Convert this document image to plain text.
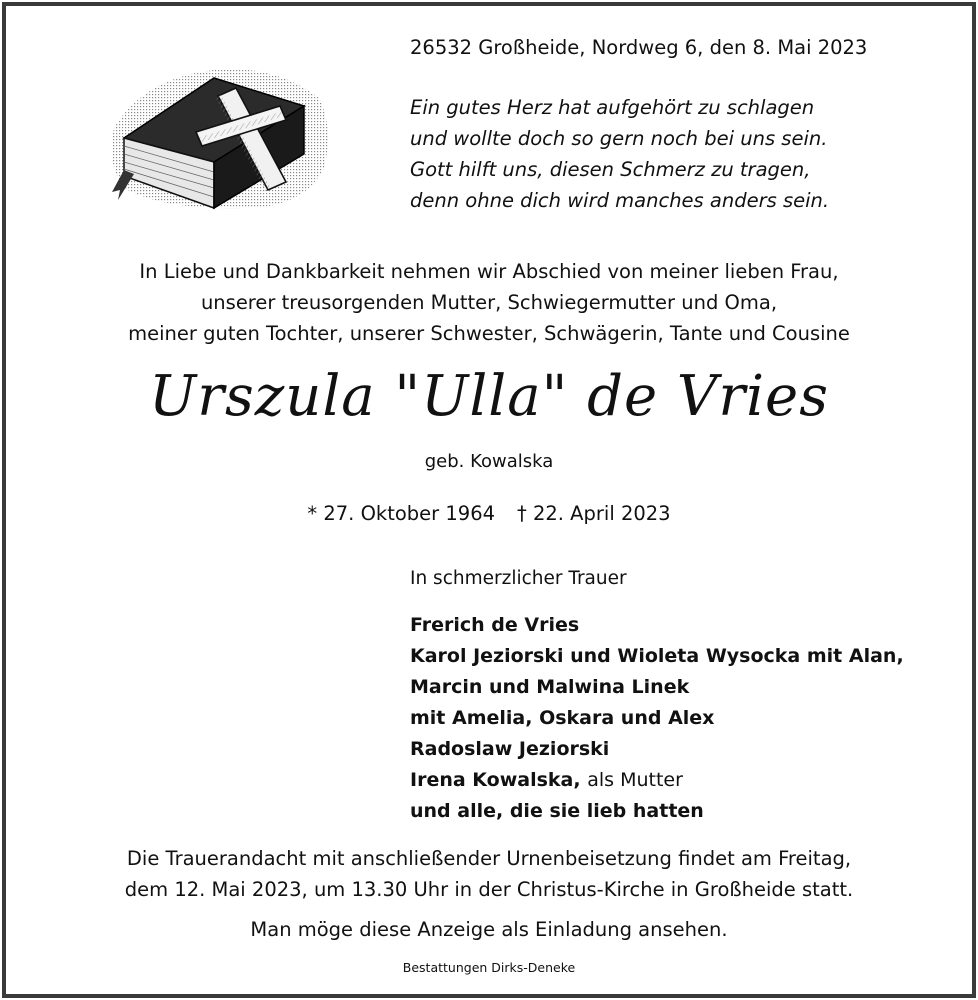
26532 Großheide, Nordweg 6, den 8. Mai 2023
Ein gutes Herz hat aufgehört zu schlagen
und wollte doch so gern noch bei uns sein.
Gott hilft uns, diesen Schmerz zu tragen,
denn ohne dich wird manches anders sein.
In Liebe und Dankbarkeit nehmen wir Abschied von meiner lieben Frau,
unserer treusorgenden Mutter, Schwiegermutter und Oma,
meiner guten Tochter, unserer Schwester, Schwägerin, Tante und Cousine
Urszula "Ulla" de Vries
geb. Kowalska
* 27. Oktober 1964 † 22. April 2023
In schmerzlicher Trauer
Frerich de Vries
Karol Jeziorski und Wioleta Wysocka mit Alan,
Marcin und Malwina Linek
mit Amelia, Oskara und Alex
Radoslaw Jeziorski
Irena Kowalska, als Mutter
und alle, die sie lieb hatten
Die Trauerandacht mit anschließender Urnenbeisetzung findet am Freitag,
dem 12. Mai 2023, um 13.30 Uhr in der Christus-Kirche in Großheide statt.
Man möge diese Anzeige als Einladung ansehen.
Bestattungen Dirks-Deneke
